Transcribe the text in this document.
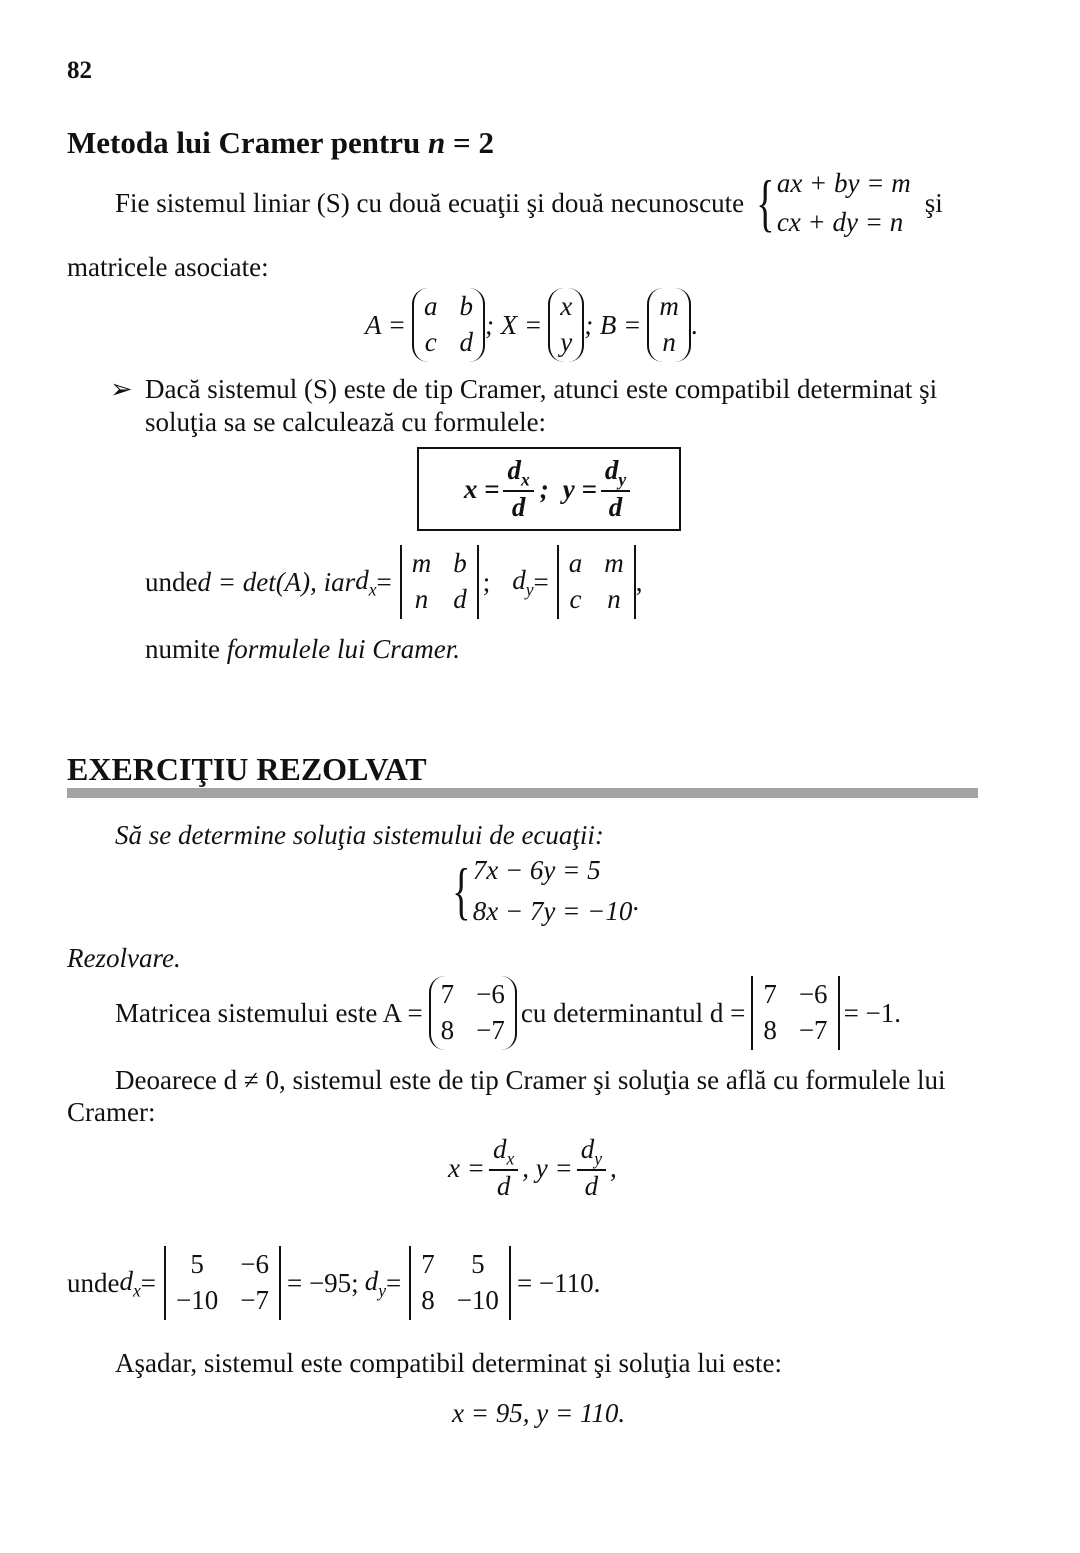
82
Metoda lui Cramer pentru n = 2
Fie sistemul liniar (S) cu două ecuaţii şi două necunoscute { ax + by = m
cx + dy = n
şi
matricele asociate:
A =
a b
c d
; X =
x
y
; B =
m
n
.
➢ Dacă sistemul (S) este de tip Cramer, atunci este compatibil determinat şi
soluţia sa se calculează cu formulele:
$x = \frac{d_x}{d}$ ; $y = \frac{d_y}{d}$
unde d = det(A), iar $d_x$ =
m b
n d
; $d_y$ =
a m
c n
,
numite formulele lui Cramer.
EXERCIŢIU REZOLVAT
Să se determine soluţia sistemului de ecuaţii:
{ 7x − 6y = 5
8x − 7y = −10 .
Rezolvare.
Matricea sistemului este A =
7 −6
8 −7
cu determinantul d =
7 −6
8 −7
= −1.
Deoarece d ≠ 0, sistemul este de tip Cramer şi soluţia se află cu formulele lui
Cramer:
$x = \frac{d_x}{d}$ , $y = \frac{d_y}{d}$ ,
unde $d_x$ =
5	−6
−10 −7
= −95; $d_y$ =
7	5
8 −10
= −110.
Aşadar, sistemul este compatibil determinat şi soluţia lui este:
x = 95, y = 110.
